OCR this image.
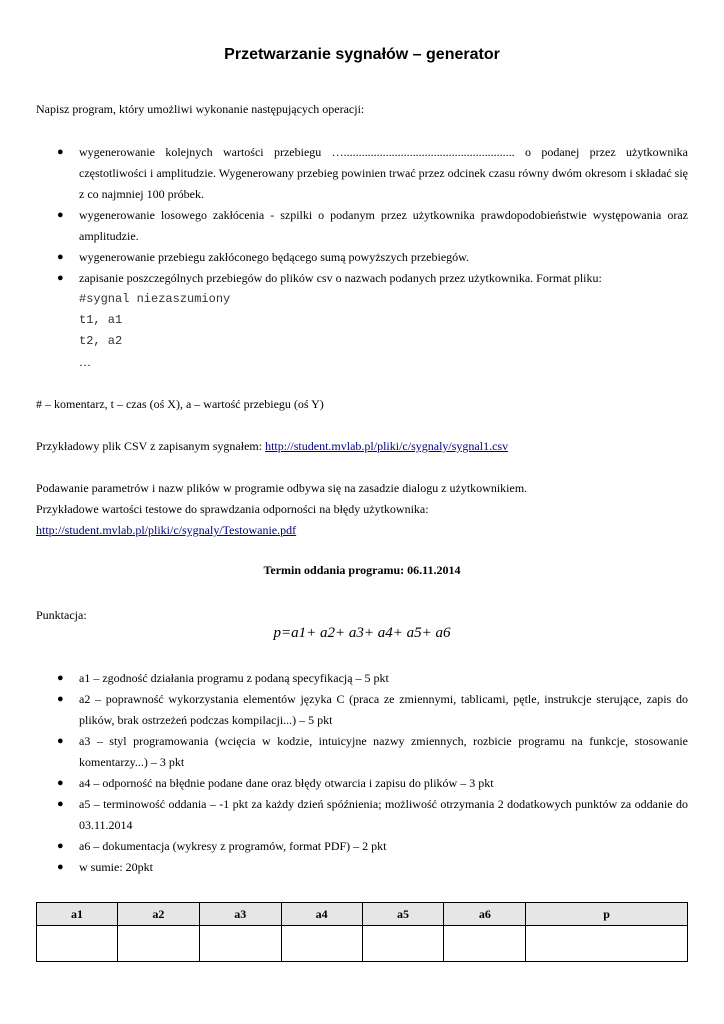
Przetwarzanie sygnałów – generator
Napisz program, który umożliwi wykonanie następujących operacji:
● wygenerowanie kolejnych wartości przebiegu …......................................................... o podanej przez użytkownika częstotliwości i amplitudzie. Wygenerowany przebieg powinien trwać przez odcinek czasu równy dwóm okresom i składać się z co najmniej 100 próbek.
● wygenerowanie losowego zakłócenia - szpilki o podanym przez użytkownika prawdopodobieństwie występowania oraz amplitudzie.
● wygenerowanie przebiegu zakłóconego będącego sumą powyższych przebiegów.
● zapisanie poszczególnych przebiegów do plików csv o nazwach podanych przez użytkownika. Format pliku:
#sygnal niezaszumiony
t1, a1
t2, a2
…
# – komentarz, t – czas (oś X), a – wartość przebiegu (oś Y)
Przykładowy plik CSV z zapisanym sygnałem: http://student.mvlab.pl/pliki/c/sygnaly/sygnal1.csv
Podawanie parametrów i nazw plików w programie odbywa się na zasadzie dialogu z użytkownikiem.
Przykładowe wartości testowe do sprawdzania odporności na błędy użytkownika:
http://student.mvlab.pl/pliki/c/sygnaly/Testowanie.pdf
Termin oddania programu: 06.11.2014
Punktacja:
p=a1+ a2+ a3+ a4+ a5+ a6
● a1 – zgodność działania programu z podaną specyfikacją – 5 pkt
● a2 – poprawność wykorzystania elementów języka C (praca ze zmiennymi, tablicami, pętle, instrukcje sterujące, zapis do plików, brak ostrzeżeń podczas kompilacji...) – 5 pkt
● a3 – styl programowania (wcięcia w kodzie, intuicyjne nazwy zmiennych, rozbicie programu na funkcje, stosowanie komentarzy...) – 3 pkt
● a4 – odporność na błędnie podane dane oraz błędy otwarcia i zapisu do plików – 3 pkt
● a5 – terminowość oddania – -1 pkt za każdy dzień spóźnienia; możliwość otrzymania 2 dodatkowych punktów za oddanie do 03.11.2014
● a6 – dokumentacja (wykresy z programów, format PDF) – 2 pkt
● w sumie: 20pkt
a1	a2	a3	a4	a5	a6	p
